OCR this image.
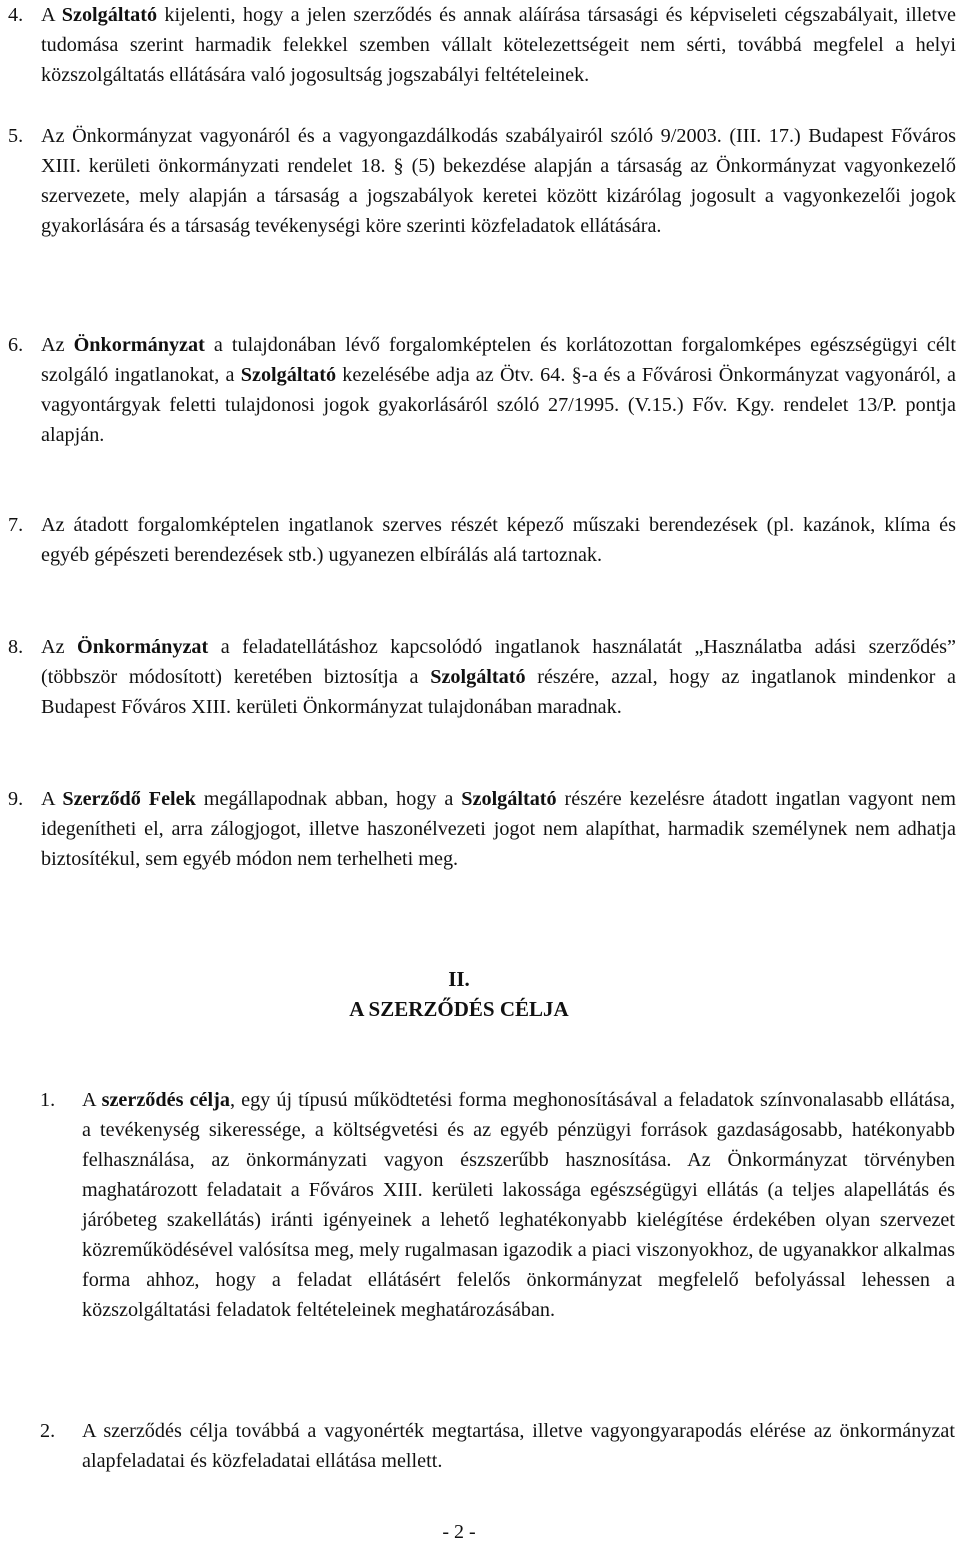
4. A Szolgáltató kijelenti, hogy a jelen szerződés és annak aláírása társasági és képviseleti cégszabályait, illetve tudomása szerint harmadik felekkel szemben vállalt kötelezettségeit nem sérti, továbbá megfelel a helyi közszolgáltatás ellátására való jogosultság jogszabályi feltételeinek.
5. Az Önkormányzat vagyonáról és a vagyongazdálkodás szabályairól szóló 9/2003. (III. 17.) Budapest Főváros XIII. kerületi önkormányzati rendelet 18. § (5) bekezdése alapján a társaság az Önkormányzat vagyonkezelő szervezete, mely alapján a társaság a jogszabályok keretei között kizárólag jogosult a vagyonkezelői jogok gyakorlására és a társaság tevékenységi köre szerinti közfeladatok ellátására.
6. Az Önkormányzat a tulajdonában lévő forgalomképtelen és korlátozottan forgalomképes egészségügyi célt szolgáló ingatlanokat, a Szolgáltató kezelésébe adja az Ötv. 64. §-a és a Fővárosi Önkormányzat vagyonáról, a vagyontárgyak feletti tulajdonosi jogok gyakorlásáról szóló 27/1995. (V.15.) Főv. Kgy. rendelet 13/P. pontja alapján.
7. Az átadott forgalomképtelen ingatlanok szerves részét képező műszaki berendezések (pl. kazánok, klíma és egyéb gépészeti berendezések stb.) ugyanezen elbírálás alá tartoznak.
8. Az Önkormányzat a feladatellátáshoz kapcsolódó ingatlanok használatát „Használatba adási szerződés” (többször módosított) keretében biztosítja a Szolgáltató részére, azzal, hogy az ingatlanok mindenkor a Budapest Főváros XIII. kerületi Önkormányzat tulajdonában maradnak.
9. A Szerződő Felek megállapodnak abban, hogy a Szolgáltató részére kezelésre átadott ingatlan vagyont nem idegenítheti el, arra zálogjogot, illetve haszonélvezeti jogot nem alapíthat, harmadik személynek nem adhatja biztosítékul, sem egyéb módon nem terhelheti meg.
II.
A SZERZŐDÉS CÉLJA
1. A szerződés célja, egy új típusú működtetési forma meghonosításával a feladatok színvonalasabb ellátása, a tevékenység sikeressége, a költségvetési és az egyéb pénzügyi források gazdaságosabb, hatékonyabb felhasználása, az önkormányzati vagyon észszerűbb hasznosítása. Az Önkormányzat törvényben maghatározott feladatait a Főváros XIII. kerületi lakossága egészségügyi ellátás (a teljes alapellátás és járóbeteg szakellátás) iránti igényeinek a lehető leghatékonyabb kielégítése érdekében olyan szervezet közreműködésével valósítsa meg, mely rugalmasan igazodik a piaci viszonyokhoz, de ugyanakkor alkalmas forma ahhoz, hogy a feladat ellátásért felelős önkormányzat megfelelő befolyással lehessen a közszolgáltatási feladatok feltételeinek meghatározásában.
2. A szerződés célja továbbá a vagyonérték megtartása, illetve vagyongyarapodás elérése az önkormányzat alapfeladatai és közfeladatai ellátása mellett.
- 2 -
